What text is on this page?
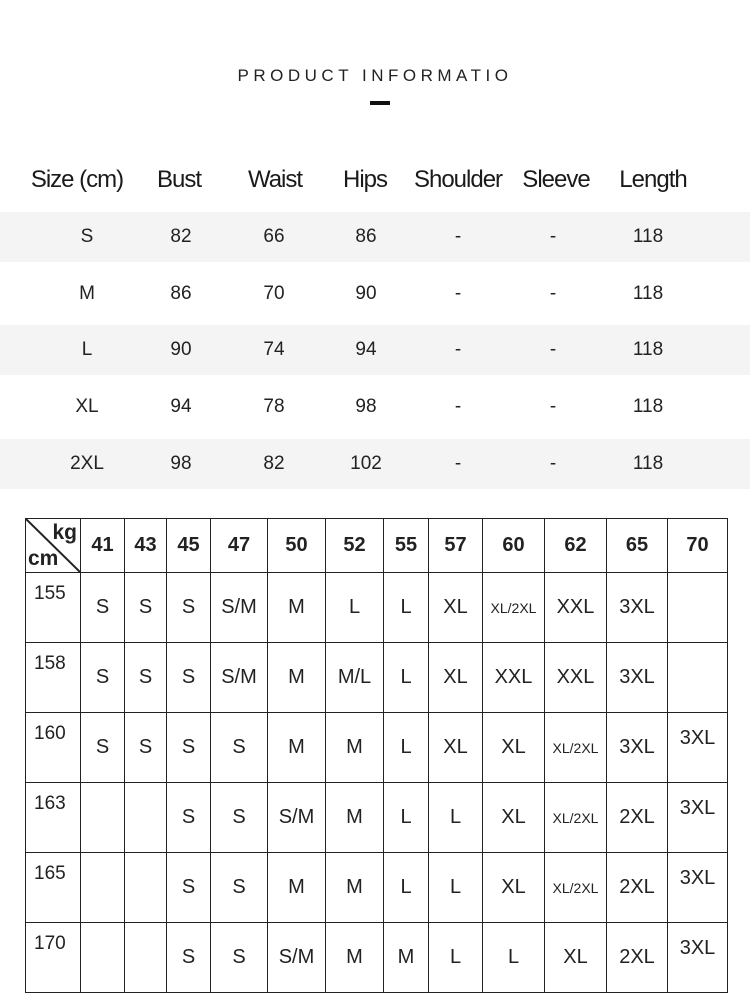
PRODUCT INFORMATIO
Size (cm) Bust Waist Hips Shoulder Sleeve Length
S	82	66	86	-	-	118
M	86	70	90	-	-	118
L	90	74	94	-	-	118
XL	94	78	98	-	-	118
2XL	98	82	102	-	-	118
kg
cm	41	43	45	47	50	52	55	57	60	62	65	70
155	S	S	S	S/M	M	L	L	XL	XL/2XL	XXL	3XL	
158	S	S	S	S/M	M	M/L	L	XL	XXL	XXL	3XL	
160	S	S	S	S	M	M	L	XL	XL	XL/2XL	3XL	3XL
163			S	S	S/M	M	L	L	XL	XL/2XL	2XL	3XL
165			S	S	M	M	L	L	XL	XL/2XL	2XL	3XL
170			S	S	S/M	M	M	L	L	XL	2XL	3XL
